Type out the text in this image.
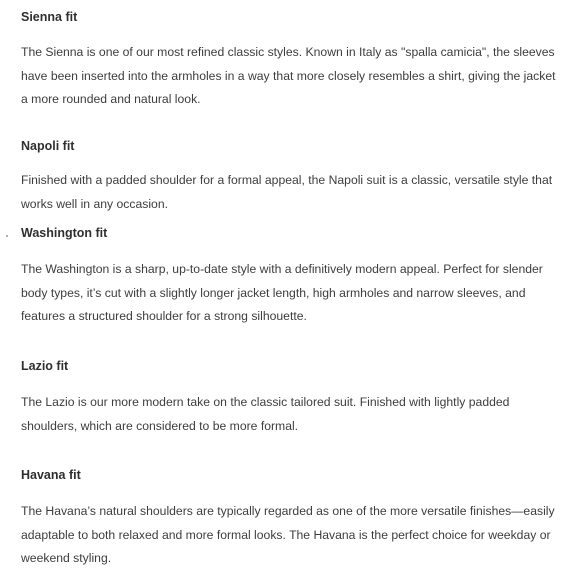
Sienna fit

The Sienna is one of our most refined classic styles. Known in Italy as "spalla camicia", the sleeves have been inserted into the armholes in a way that more closely resembles a shirt, giving the jacket a more rounded and natural look.

Napoli fit

Finished with a padded shoulder for a formal appeal, the Napoli suit is a classic, versatile style that works well in any occasion.

Washington fit

The Washington is a sharp, up-to-date style with a definitively modern appeal. Perfect for slender body types, it’s cut with a slightly longer jacket length, high armholes and narrow sleeves, and features a structured shoulder for a strong silhouette.

Lazio fit

The Lazio is our more modern take on the classic tailored suit. Finished with lightly padded shoulders, which are considered to be more formal.

Havana fit

The Havana’s natural shoulders are typically regarded as one of the more versatile finishes—easily adaptable to both relaxed and more formal looks. The Havana is the perfect choice for weekday or weekend styling.
